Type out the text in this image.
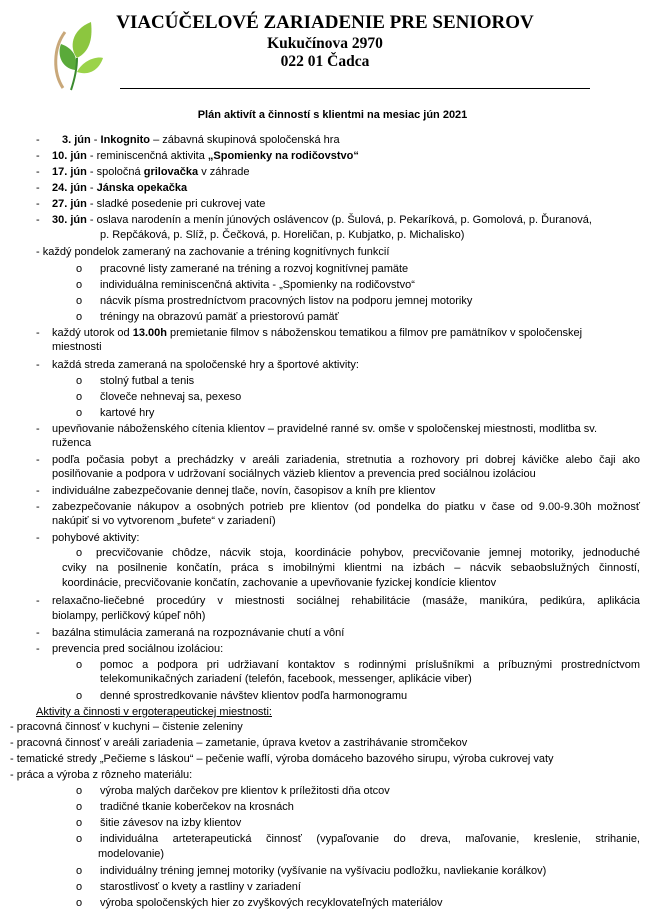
VIACÚČELOVÉ ZARIADENIE PRE SENIOROV
Kukučínova 2970
022 01 Čadca
Plán aktivít a činností s klientmi na mesiac jún 2021
- 3. jún - Inkognito – zábavná skupinová spoločenská hra
- 10. jún - reminiscenčná aktivita „Spomienky na rodičovstvo“
- 17. jún - spoločná grilovačka v záhrade
- 24. jún - Jánska opekačka
- 27. jún - sladké posedenie pri cukrovej vate
- 30. jún - oslava narodenín a menín júnových oslávencov (p. Šulová, p. Pekaríková, p. Gomolová, p. Ďuranová,
p. Repčáková, p. Slíž, p. Čečková, p. Horeličan, p. Kubjatko, p. Michalisko)
- každý pondelok zameraný na zachovanie a tréning kognitívnych funkcií
o pracovné listy zamerané na tréning a rozvoj kognitívnej pamäte
o individuálna reminiscenčná aktivita - „Spomienky na rodičovstvo“
o nácvik písma prostredníctvom pracovných listov na podporu jemnej motoriky
o tréningy na obrazovú pamäť a priestorovú pamäť
- každý utorok od 13.00h premietanie filmov s náboženskou tematikou a filmov pre pamätníkov v spoločenskej
miestnosti
- každá streda zameraná na spoločenské hry a športové aktivity:
o stolný futbal a tenis
o človeče nehnevaj sa, pexeso
o kartové hry
- upevňovanie náboženského cítenia klientov – pravidelné ranné sv. omše v spoločenskej miestnosti, modlitba sv.
ruženca
- podľa počasia pobyt a prechádzky v areáli zariadenia, stretnutia a rozhovory pri dobrej kávičke alebo čaji ako
posilňovanie a podpora v udržovaní sociálnych väzieb klientov a prevencia pred sociálnou izoláciou
- individuálne zabezpečovanie dennej tlače, novín, časopisov a kníh pre klientov
- zabezpečovanie nákupov a osobných potrieb pre klientov (od pondelka do piatku v čase od 9.00-9.30h možnosť
nakúpiť si vo vytvorenom „bufete“ v zariadení)
- pohybové aktivity:
o precvičovanie chôdze, nácvik stoja, koordinácie pohybov, precvičovanie jemnej motoriky, jednoduché
cviky na posilnenie končatín, práca s imobilnými klientmi na izbách – nácvik sebaobslužných činností,
koordinácie, precvičovanie končatín, zachovanie a upevňovanie fyzickej kondície klientov
- relaxačno-liečebné procedúry v miestnosti sociálnej rehabilitácie (masáže, manikúra, pedikúra, aplikácia
biolampy, perličkový kúpeľ nôh)
- bazálna stimulácia zameraná na rozpoznávanie chutí a vôní
- prevencia pred sociálnou izoláciou:
o pomoc a podpora pri udržiavaní kontaktov s rodinnými príslušníkmi a príbuznými prostredníctvom
telekomunikačných zariadení (telefón, facebook, messenger, aplikácie viber)
o denné sprostredkovanie návštev klientov podľa harmonogramu
Aktivity a činnosti v ergoterapeutickej miestnosti:
- pracovná činnosť v kuchyni – čistenie zeleniny
- pracovná činnosť v areáli zariadenia – zametanie, úprava kvetov a zastrihávanie stromčekov
- tematické stredy „Pečieme s láskou“ – pečenie waflí, výroba domáceho bazového sirupu, výroba cukrovej vaty
- práca a výroba z rôzneho materiálu:
o výroba malých darčekov pre klientov k príležitosti dňa otcov
o tradičné tkanie koberčekov na krosnách
o šitie závesov na izby klientov
o individuálna arteterapeutická činnosť (vypaľovanie do dreva, maľovanie, kreslenie, strihanie,
modelovanie)
o individuálny tréning jemnej motoriky (vyšívanie na vyšívaciu podložku, navliekanie korálkov)
o starostlivosť o kvety a rastliny v zariadení
o výroba spoločenských hier zo zvyškových recyklovateľných materiálov
